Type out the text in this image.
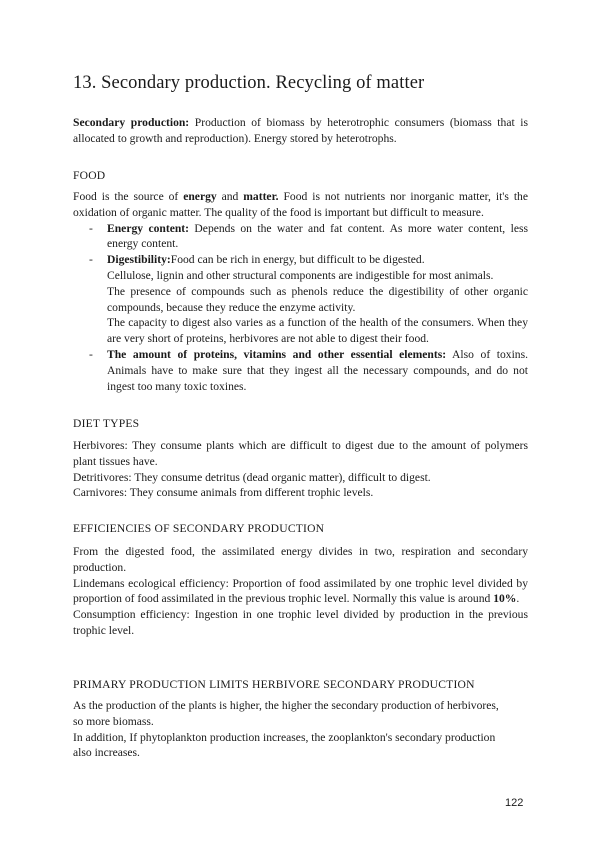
13. Secondary production. Recycling of matter

Secondary production: Production of biomass by heterotrophic consumers (biomass that is allocated to growth and reproduction). Energy stored by heterotrophs.

FOOD

Food is the source of energy and matter. Food is not nutrients nor inorganic matter, it's the oxidation of organic matter. The quality of the food is important but difficult to measure.

- Energy content: Depends on the water and fat content. As more water content, less energy content.

- Digestibility:Food can be rich in energy, but difficult to be digested.

Cellulose, lignin and other structural components are indigestible for most animals.

The presence of compounds such as phenols reduce the digestibility of other organic compounds, because they reduce the enzyme activity.

The capacity to digest also varies as a function of the health of the consumers. When they are very short of proteins, herbivores are not able to digest their food.

- The amount of proteins, vitamins and other essential elements: Also of toxins. Animals have to make sure that they ingest all the necessary compounds, and do not ingest too many toxic toxines.
DIET TYPES

Herbivores: They consume plants which are difficult to digest due to the amount of polymers plant tissues have.

Detritivores: They consume detritus (dead organic matter), difficult to digest.

Carnivores: They consume animals from different trophic levels.

EFFICIENCIES OF SECONDARY PRODUCTION

From the digested food, the assimilated energy divides in two, respiration and secondary production.

Lindemans ecological efficiency: Proportion of food assimilated by one trophic level divided by proportion of food assimilated in the previous trophic level. Normally this value is around 10%.

Consumption efficiency: Ingestion in one trophic level divided by production in the previous trophic level.

PRIMARY PRODUCTION LIMITS HERBIVORE SECONDARY PRODUCTION

As the production of the plants is higher, the higher the secondary production of herbivores,

so more biomass.

In addition, If phytoplankton production increases, the zooplankton's secondary production

also increases.

122
